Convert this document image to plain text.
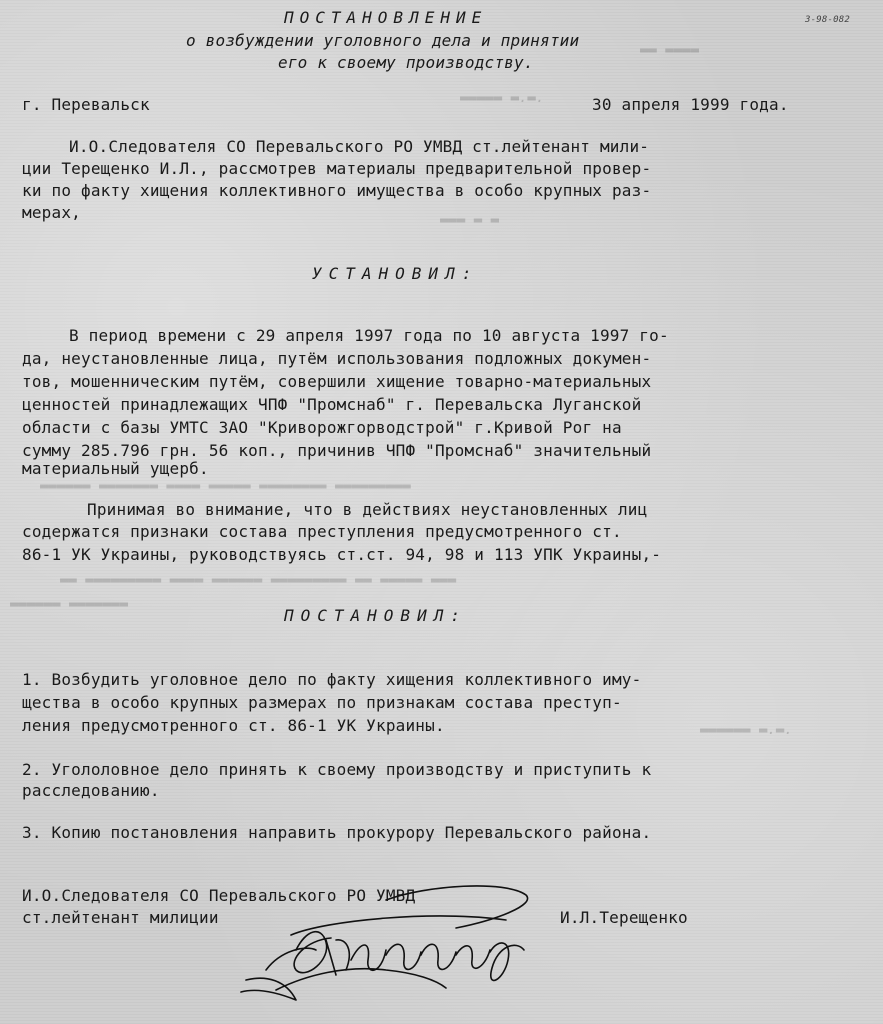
▬▬ ▬▬▬▬
▬▬▬▬▬ ▬.▬.
▬▬▬ ▬ ▬
▬▬▬▬▬▬ ▬▬▬▬▬▬▬ ▬▬▬▬ ▬▬▬▬▬ ▬▬▬▬▬▬▬▬ ▬▬▬▬▬▬▬▬▬
▬▬ ▬▬▬▬▬▬▬▬▬ ▬▬▬▬ ▬▬▬▬▬▬ ▬▬▬▬▬▬▬▬▬ ▬▬ ▬▬▬▬▬ ▬▬▬
▬▬▬▬▬▬ ▬▬▬▬▬▬▬
▬▬▬▬▬▬ ▬.▬.
3-98-082
ПОСТАНОВЛЕНИЕ
о возбуждении уголовного дела и принятии
его к своему производству.
г. Перевальск	30 апреля 1999 года.
И.О.Следователя СО Перевальского РО УМВД ст.лейтенант мили-
ции Терещенко И.Л., рассмотрев материалы предварительной провер-
ки по факту хищения коллективного имущества в особо крупных раз-
мерах,
УСТАНОВИЛ:
В период времени с 29 апреля 1997 года по 10 августа 1997 го-
да, неустановленные лица, путём использования подложных докумен-
тов, мошенническим путём, совершили хищение товарно-материальных
ценностей принадлежащих ЧПФ "Промснаб" г. Перевальска Луганской
области с базы УМТС ЗАО "Криворожгорводстрой" г.Кривой Рог на
сумму 285.796 грн. 56 коп., причинив ЧПФ "Промснаб" значительный
материальный ущерб.
Принимая во внимание, что в действиях неустановленных лиц
содержатся признаки состава преступления предусмотренного ст.
86-1 УК Украины, руководствуясь ст.ст. 94, 98 и 113 УПК Украины,-
ПОСТАНОВИЛ:
1. Возбудить уголовное дело по факту хищения коллективного иму-
щества в особо крупных размерах по признакам состава преступ-
ления предусмотренного ст. 86-1 УК Украины.
2. Угололовное дело принять к своему производству и приступить к
расследованию.
3. Копию постановления направить прокурору Перевальского района.
И.О.Следователя СО Перевальского РО УМВД
ст.лейтенант милиции	И.Л.Терещенко
